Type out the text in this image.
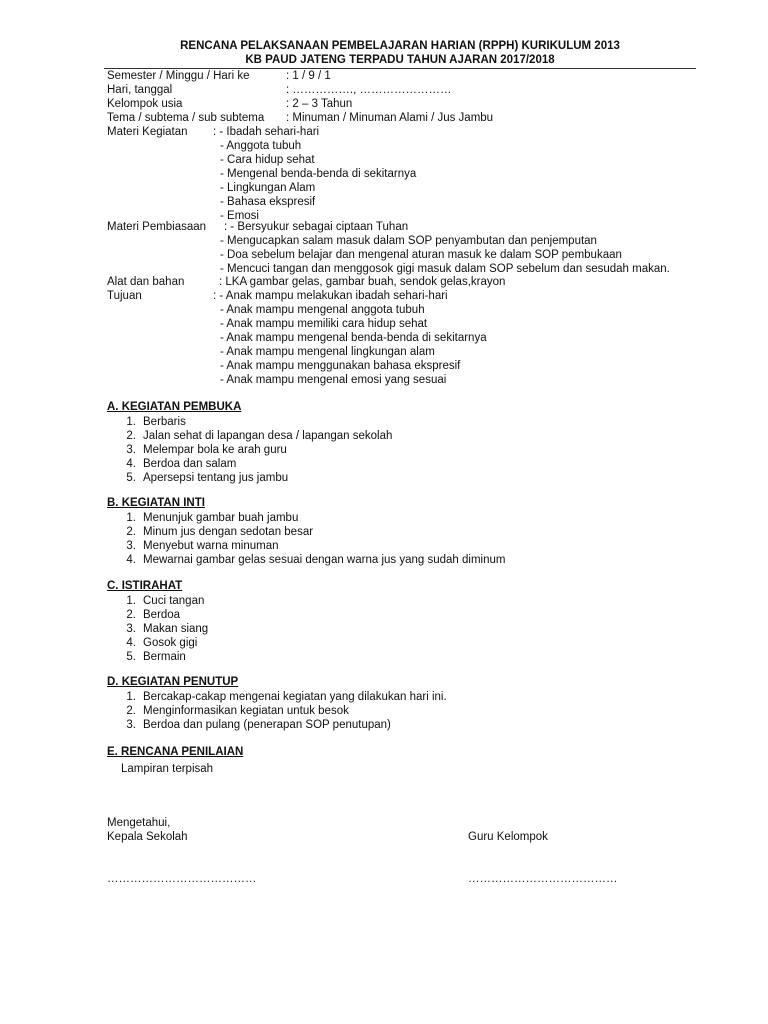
RENCANA PELAKSANAAN PEMBELAJARAN HARIAN (RPPH) KURIKULUM 2013
KB PAUD JATENG TERPADU TAHUN AJARAN 2017/2018
Semester / Minggu / Hari ke	: 1 / 9 / 1
Hari, tanggal	: ……………., ……………………
Kelompok usia	: 2 – 3 Tahun
Tema / subtema / sub subtema : Minuman / Minuman Alami / Jus Jambu
Materi Kegiatan : - Ibadah sehari-hari
- Anggota tubuh
- Cara hidup sehat
- Mengenal benda-benda di sekitarnya
- Lingkungan Alam
- Bahasa ekspresif
- Emosi
Materi Pembiasaan : - Bersyukur sebagai ciptaan Tuhan
- Mengucapkan salam masuk dalam SOP penyambutan dan penjemputan
- Doa sebelum belajar dan mengenal aturan masuk ke dalam SOP pembukaan
- Mencuci tangan dan menggosok gigi masuk dalam SOP sebelum dan sesudah makan.
Alat dan bahan	: LKA gambar gelas, gambar buah, sendok gelas,krayon
Tujuan	: - Anak mampu melakukan ibadah sehari-hari
- Anak mampu mengenal anggota tubuh
- Anak mampu memiliki cara hidup sehat
- Anak mampu mengenal benda-benda di sekitarnya
- Anak mampu mengenal lingkungan alam
- Anak mampu menggunakan bahasa ekspresif
- Anak mampu mengenal emosi yang sesuai
A. KEGIATAN PEMBUKA
1. Berbaris
2. Jalan sehat di lapangan desa / lapangan sekolah
3. Melempar bola ke arah guru
4. Berdoa dan salam
5. Apersepsi tentang jus jambu
B. KEGIATAN INTI
1. Menunjuk gambar buah jambu
2. Minum jus dengan sedotan besar
3. Menyebut warna minuman
4. Mewarnai gambar gelas sesuai dengan warna jus yang sudah diminum
C. ISTIRAHAT
1. Cuci tangan
2. Berdoa
3. Makan siang
4. Gosok gigi
5. Bermain
D. KEGIATAN PENUTUP
1. Bercakap-cakap mengenai kegiatan yang dilakukan hari ini.
2. Menginformasikan kegiatan untuk besok
3. Berdoa dan pulang (penerapan SOP penutupan)
E. RENCANA PENILAIAN
Lampiran terpisah
Mengetahui,
Kepala Sekolah	Guru Kelompok
…………………………………	…………………………………
